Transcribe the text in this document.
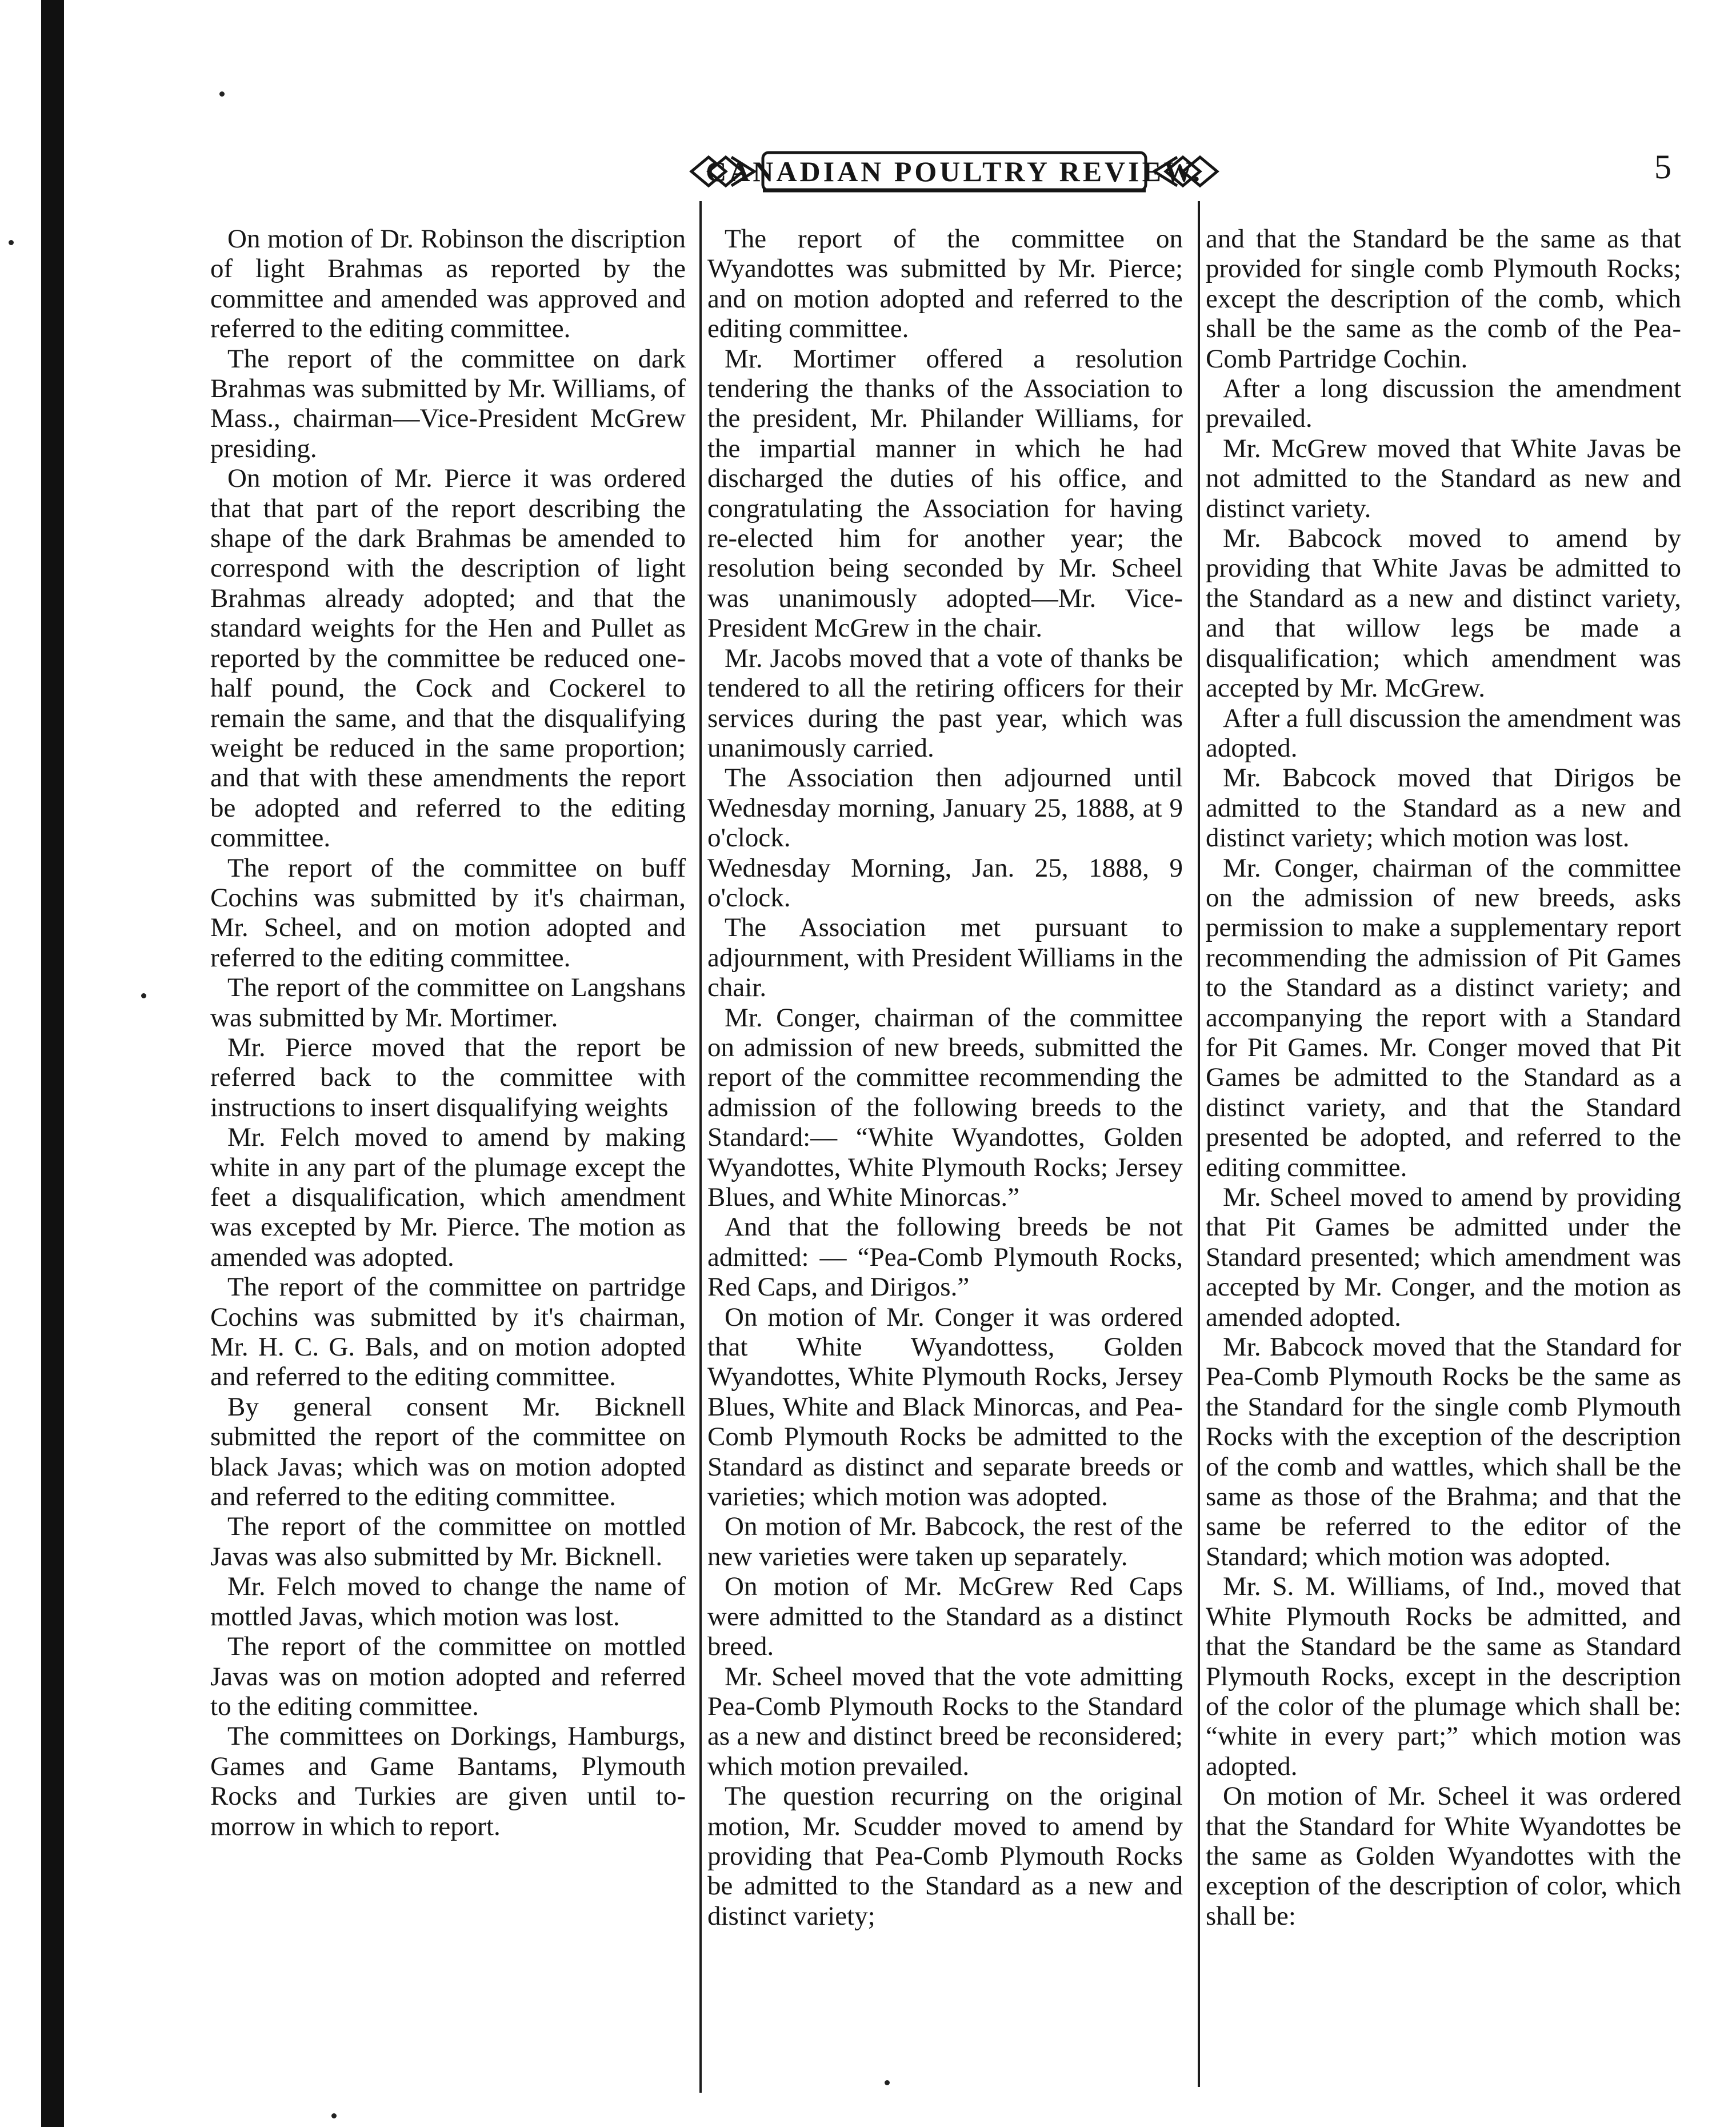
CANADIAN POULTRY REVIEW.	5

On motion of Dr. Robinson the discription of light Brahmas as reported by the committee and amended was approved and referred to the editing committee.

The report of the committee on dark Brahmas was submitted by Mr. Williams, of Mass., chairman—Vice-President McGrew presiding.

On motion of Mr. Pierce it was ordered that that part of the report describing the shape of the dark Brahmas be amended to correspond with the description of light Brahmas already adopted; and that the standard weights for the Hen and Pullet as reported by the committee be reduced one-half pound, the Cock and Cockerel to remain the same, and that the disqualifying weight be reduced in the same proportion; and that with these amendments the report be adopted and referred to the editing committee.

The report of the committee on buff Cochins was submitted by it's chairman, Mr. Scheel, and on motion adopted and referred to the editing committee.

The report of the committee on Langshans was submitted by Mr. Mortimer.

Mr. Pierce moved that the report be referred back to the committee with instructions to insert disqualifying weights

Mr. Felch moved to amend by making white in any part of the plumage except the feet a disqualification, which amendment was excepted by Mr. Pierce. The motion as amended was adopted.

The report of the committee on partridge Cochins was submitted by it's chairman, Mr. H. C. G. Bals, and on motion adopted and referred to the editing committee.

By general consent Mr. Bicknell submitted the report of the committee on black Javas; which was on motion adopted and referred to the editing committee.

The report of the committee on mottled Javas was also submitted by Mr. Bicknell.

Mr. Felch moved to change the name of mottled Javas, which motion was lost.

The report of the committee on mottled Javas was on motion adopted and referred to the editing committee.

The committees on Dorkings, Hamburgs, Games and Game Bantams, Plymouth Rocks and Turkies are given until to-morrow in which to report.

The report of the committee on Wyandottes was submitted by Mr. Pierce; and on motion adopted and referred to the editing committee.

Mr. Mortimer offered a resolution tendering the thanks of the Association to the president, Mr. Philander Williams, for the impartial manner in which he had discharged the duties of his office, and congratulating the Association for having re-elected him for another year; the resolution being seconded by Mr. Scheel was unanimously adopted—Mr. Vice-President McGrew in the chair.

Mr. Jacobs moved that a vote of thanks be tendered to all the retiring officers for their services during the past year, which was unanimously carried.

The Association then adjourned until Wednesday morning, January 25, 1888, at 9 o'clock.

Wednesday Morning, Jan. 25, 1888, 9 o'clock.

The Association met pursuant to adjournment, with President Williams in the chair.

Mr. Conger, chairman of the committee on admission of new breeds, submitted the report of the committee recommending the admission of the following breeds to the Standard:— “White Wyandottes, Golden Wyandottes, White Plymouth Rocks; Jersey Blues, and White Minorcas.”

And that the following breeds be not admitted: — “Pea-Comb Plymouth Rocks, Red Caps, and Dirigos.”

On motion of Mr. Conger it was ordered that White Wyandottess, Golden Wyandottes, White Plymouth Rocks, Jersey Blues, White and Black Minorcas, and Pea-Comb Plymouth Rocks be admitted to the Standard as distinct and separate breeds or varieties; which motion was adopted.

On motion of Mr. Babcock, the rest of the new varieties were taken up separately.

On motion of Mr. McGrew Red Caps were admitted to the Standard as a distinct breed.

Mr. Scheel moved that the vote admitting Pea-Comb Plymouth Rocks to the Standard as a new and distinct breed be reconsidered; which motion prevailed.

The question recurring on the original motion, Mr. Scudder moved to amend by providing that Pea-Comb Plymouth Rocks be admitted to the Standard as a new and distinct variety;

and that the Standard be the same as that provided for single comb Plymouth Rocks; except the description of the comb, which shall be the same as the comb of the Pea-Comb Partridge Cochin.

After a long discussion the amendment prevailed.

Mr. McGrew moved that White Javas be not admitted to the Standard as new and distinct variety.

Mr. Babcock moved to amend by providing that White Javas be admitted to the Standard as a new and distinct variety, and that willow legs be made a disqualification; which amendment was accepted by Mr. McGrew.

After a full discussion the amendment was adopted.

Mr. Babcock moved that Dirigos be admitted to the Standard as a new and distinct variety; which motion was lost.

Mr. Conger, chairman of the committee on the admission of new breeds, asks permission to make a supplementary report recommending the admission of Pit Games to the Standard as a distinct variety; and accompanying the report with a Standard for Pit Games. Mr. Conger moved that Pit Games be admitted to the Standard as a distinct variety, and that the Standard presented be adopted, and referred to the editing committee.

Mr. Scheel moved to amend by providing that Pit Games be admitted under the Standard presented; which amendment was accepted by Mr. Conger, and the motion as amended adopted.

Mr. Babcock moved that the Standard for Pea-Comb Plymouth Rocks be the same as the Standard for the single comb Plymouth Rocks with the exception of the description of the comb and wattles, which shall be the same as those of the Brahma; and that the same be referred to the editor of the Standard; which motion was adopted.

Mr. S. M. Williams, of Ind., moved that White Plymouth Rocks be admitted, and that the Standard be the same as Standard Plymouth Rocks, except in the description of the color of the plumage which shall be: “white in every part;” which motion was adopted.

On motion of Mr. Scheel it was ordered that the Standard for White Wyandottes be the same as Golden Wyandottes with the exception of the description of color, which shall be:
